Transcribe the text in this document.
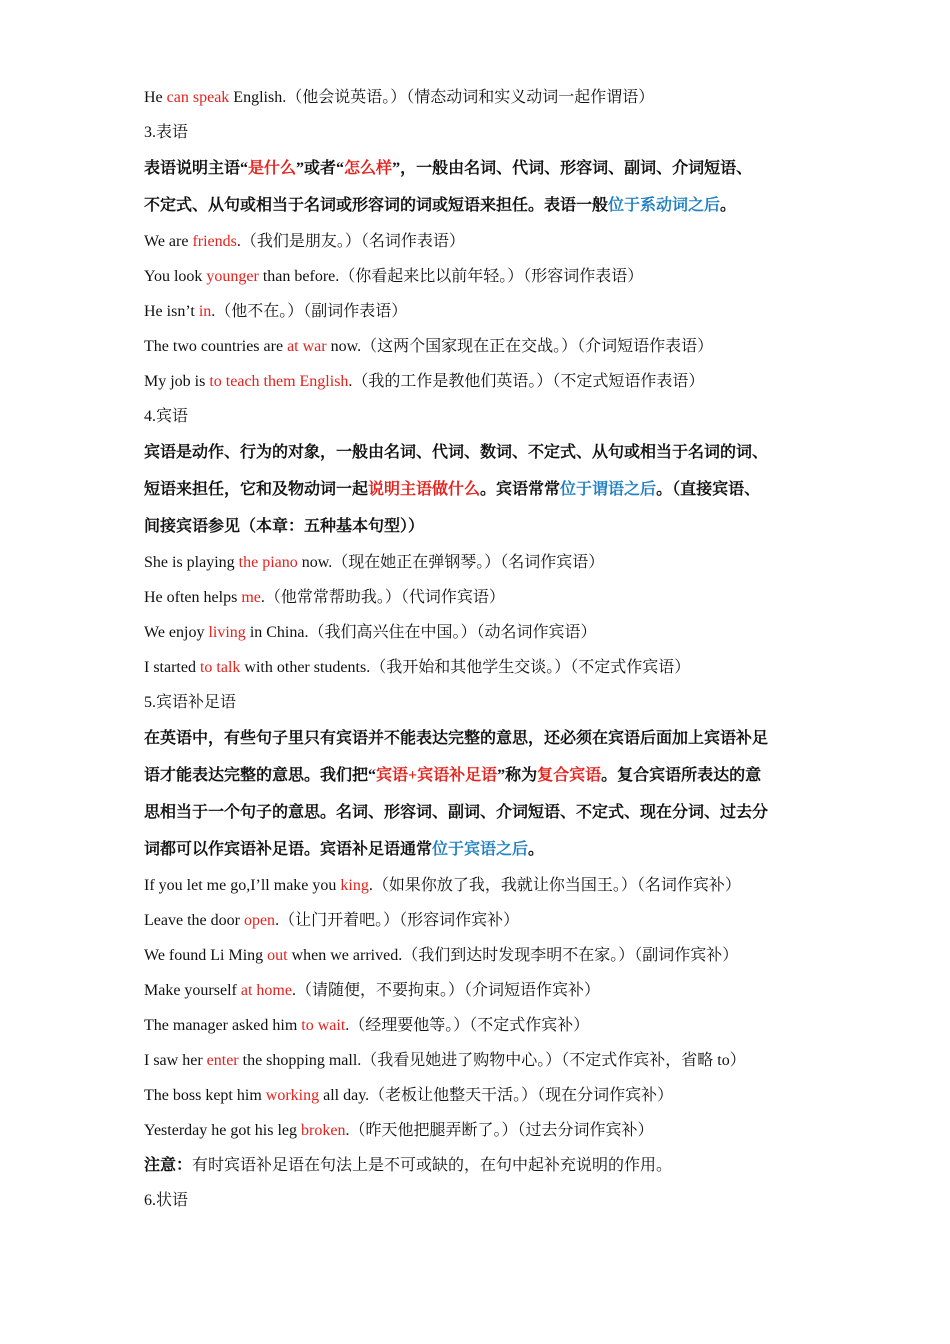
He can speak English.（他会说英语。）（情态动词和实义动词一起作谓语）
3.表语
表语说明主语“是什么”或者“怎么样”，一般由名词、代词、形容词、副词、介词短语、
不定式、从句或相当于名词或形容词的词或短语来担任。表语一般位于系动词之后。
We are friends.（我们是朋友。）（名词作表语）
You look younger than before.（你看起来比以前年轻。）（形容词作表语）
He isn’t in.（他不在。）（副词作表语）
The two countries are at war now.（这两个国家现在正在交战。）（介词短语作表语）
My job is to teach them English.（我的工作是教他们英语。）（不定式短语作表语）
4.宾语
宾语是动作、行为的对象，一般由名词、代词、数词、不定式、从句或相当于名词的词、
短语来担任，它和及物动词一起说明主语做什么。宾语常常位于谓语之后。（直接宾语、
间接宾语参见（本章：五种基本句型））
She is playing the piano now.（现在她正在弹钢琴。）（名词作宾语）
He often helps me.（他常常帮助我。）（代词作宾语）
We enjoy living in China.（我们高兴住在中国。）（动名词作宾语）
I started to talk with other students.（我开始和其他学生交谈。）（不定式作宾语）
5.宾语补足语
在英语中，有些句子里只有宾语并不能表达完整的意思，还必须在宾语后面加上宾语补足
语才能表达完整的意思。我们把“宾语+宾语补足语”称为复合宾语。复合宾语所表达的意
思相当于一个句子的意思。名词、形容词、副词、介词短语、不定式、现在分词、过去分
词都可以作宾语补足语。宾语补足语通常位于宾语之后。
If you let me go,I’ll make you king.（如果你放了我，我就让你当国王。）（名词作宾补）
Leave the door open.（让门开着吧。）（形容词作宾补）
We found Li Ming out when we arrived.（我们到达时发现李明不在家。）（副词作宾补）
Make yourself at home.（请随便，不要拘束。）（介词短语作宾补）
The manager asked him to wait.（经理要他等。）（不定式作宾补）
I saw her enter the shopping mall.（我看见她进了购物中心。）（不定式作宾补，省略 to）
The boss kept him working all day.（老板让他整天干活。）（现在分词作宾补）
Yesterday he got his leg broken.（昨天他把腿弄断了。）（过去分词作宾补）
注意：有时宾语补足语在句法上是不可或缺的，在句中起补充说明的作用。
6.状语
